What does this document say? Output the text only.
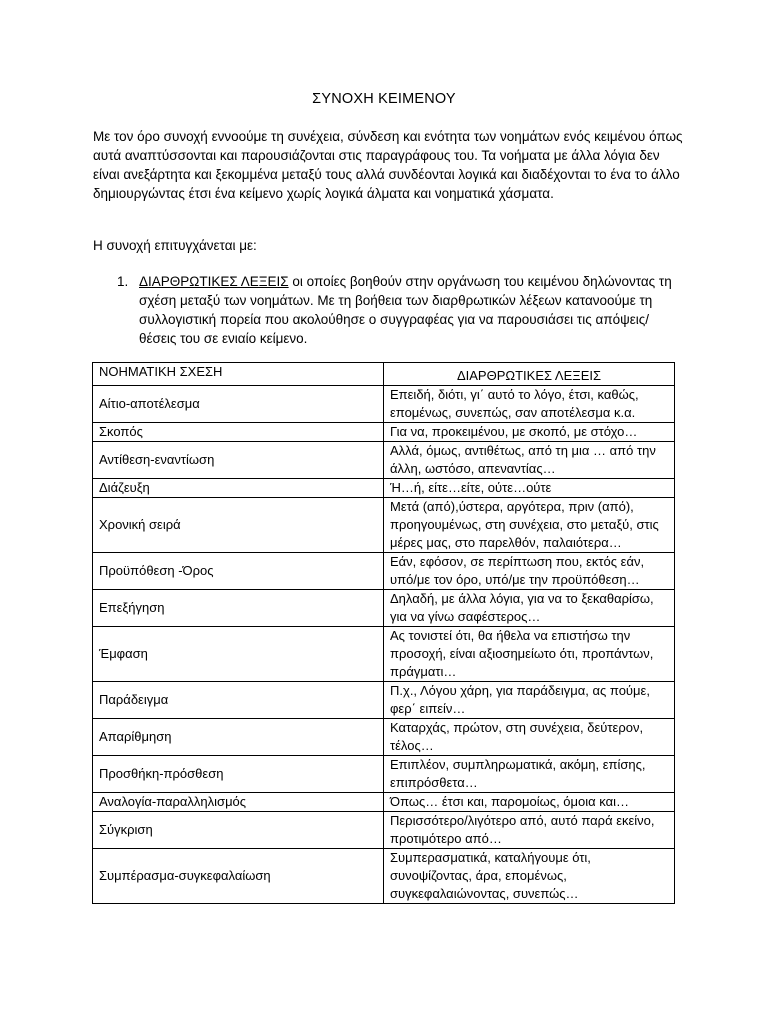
ΣΥΝΟΧΗ ΚΕΙΜΕΝΟΥ

Με τον όρο συνοχή εννοούμε τη συνέχεια, σύνδεση και ενότητα των νοημάτων ενός κειμένου όπως αυτά αναπτύσσονται και παρουσιάζονται στις παραγράφους του. Τα νοήματα με άλλα λόγια δεν είναι ανεξάρτητα και ξεκομμένα μεταξύ τους αλλά συνδέονται λογικά και διαδέχονται το ένα το άλλο δημιουργώντας έτσι ένα κείμενο χωρίς λογικά άλματα και νοηματικά χάσματα.

Η συνοχή επιτυγχάνεται με:

1. ΔΙΑΡΘΡΩΤΙΚΕΣ ΛΕΞΕΙΣ οι οποίες βοηθούν στην οργάνωση του κειμένου δηλώνοντας τη σχέση μεταξύ των νοημάτων. Με τη βοήθεια των διαρθρωτικών λέξεων κατανοούμε τη συλλογιστική πορεία που ακολούθησε ο συγγραφέας για να παρουσιάσει τις απόψεις/θέσεις του σε ενιαίο κείμενο.
ΝΟΗΜΑΤΙΚΗ ΣΧΕΣΗ	ΔΙΑΡΘΡΩΤΙΚΕΣ ΛΕΞΕΙΣ
Αίτιο-αποτέλεσμα	Επειδή, διότι, γι΄ αυτό το λόγο, έτσι, καθώς, επομένως, συνεπώς, σαν αποτέλεσμα κ.α.
Σκοπός	Για να, προκειμένου, με σκοπό, με στόχο…
Αντίθεση-εναντίωση	Αλλά, όμως, αντιθέτως, από τη μια … από την άλλη, ωστόσο, απεναντίας…
Διάζευξη	Ή…ή, είτε…είτε, ούτε…ούτε
Χρονική σειρά	Μετά (από),ύστερα, αργότερα, πριν (από), προηγουμένως, στη συνέχεια, στο μεταξύ, στις μέρες μας, στο παρελθόν, παλαιότερα…
Προϋπόθεση -Όρος	Εάν, εφόσον, σε περίπτωση που, εκτός εάν, υπό/με τον όρο, υπό/με την προϋπόθεση…
Επεξήγηση	Δηλαδή, με άλλα λόγια, για να το ξεκαθαρίσω, για να γίνω σαφέστερος…
Έμφαση	Ας τονιστεί ότι, θα ήθελα να επιστήσω την προσοχή, είναι αξιοσημείωτο ότι, προπάντων, πράγματι…
Παράδειγμα	Π.χ., Λόγου χάρη, για παράδειγμα, ας πούμε, φερ΄ ειπείν…
Απαρίθμηση	Καταρχάς, πρώτον, στη συνέχεια, δεύτερον, τέλος…
Προσθήκη-πρόσθεση	Επιπλέον, συμπληρωματικά, ακόμη, επίσης, επιπρόσθετα…
Αναλογία-παραλληλισμός	Όπως… έτσι και, παρομοίως, όμοια και…
Σύγκριση	Περισσότερο/λιγότερο από, αυτό παρά εκείνο, προτιμότερο από…
Συμπέρασμα-συγκεφαλαίωση	Συμπερασματικά, καταλήγουμε ότι, συνοψίζοντας, άρα, επομένως, συγκεφαλαιώνοντας, συνεπώς…
